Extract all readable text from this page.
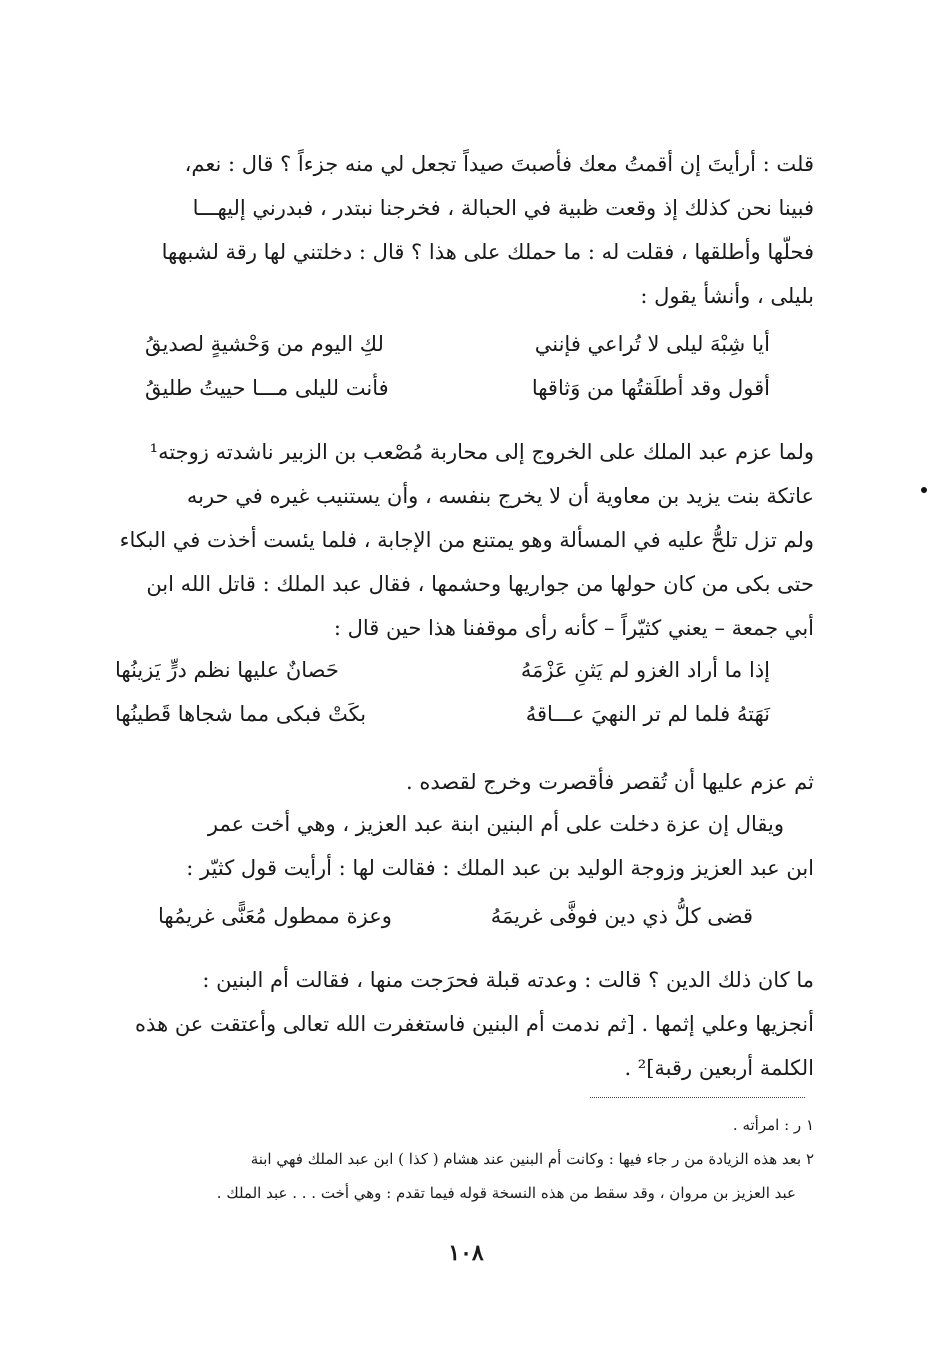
قلت : أرأيتَ إن أقمتُ معك فأصبتَ صيداً تجعل لي منه جزءاً ؟ قال : نعم،
فبينا نحن كذلك إذ وقعت ظبية في الحبالة ، فخرجنا نبتدر ، فبدرني إليهـــا
فحلّها وأطلقها ، فقلت له : ما حملك على هذا ؟ قال : دخلتني لها رقة لشبهها
بليلى ، وأنشأ يقول :
أيا شِبْهَ ليلى لا تُراعي فإنني
لكِ اليوم من وَحْشيةٍ لصديقُ
أقول وقد أطلَقتُها من وَثاقها
فأنت لليلى مـــا حييتُ طليقُ
ولما عزم عبد الملك على الخروج إلى محاربة مُصْعب بن الزبير ناشدته زوجته¹
عاتكة بنت يزيد بن معاوية أن لا يخرج بنفسه ، وأن يستنيب غيره في حربه
ولم تزل تلحُّ عليه في المسألة وهو يمتنع من الإجابة ، فلما يئست أخذت في البكاء
حتى بكى من كان حولها من جواريها وحشمها ، فقال عبد الملك : قاتل الله ابن
أبي جمعة – يعني كثيّراً – كأنه رأى موقفنا هذا حين قال :
إذا ما أراد الغزو لم يَثنِ عَزْمَهُ
حَصانٌ عليها نظم درٍّ يَزينُها
نَهَتهُ فلما لم تر النهيَ عـــاقهُ
بكَتْ فبكى مما شجاها قَطينُها
ثم عزم عليها أن تُقصر فأقصرت وخرج لقصده .
ويقال إن عزة دخلت على أم البنين ابنة عبد العزيز ، وهي أخت عمر
ابن عبد العزيز وزوجة الوليد بن عبد الملك : فقالت لها : أرأيت قول كثيّر :
قضى كلُّ ذي دين فوفَّى غريمَهُ
وعزة ممطول مُعَنًّى غريمُها
ما كان ذلك الدين ؟ قالت : وعدته قبلة فحرَجت منها ، فقالت أم البنين :
أنجزيها وعلي إثمها . [ثم ندمت أم البنين فاستغفرت الله تعالى وأعتقت عن هذه
الكلمة أربعين رقبة]² .
١ ر : امرأته .
٢ بعد هذه الزيادة من ر جاء فيها : وكانت أم البنين عند هشام ( كذا ) ابن عبد الملك فهي ابنة
عبد العزيز بن مروان ، وقد سقط من هذه النسخة قوله فيما تقدم : وهي أخت . . . عبد الملك .
١٠٨
